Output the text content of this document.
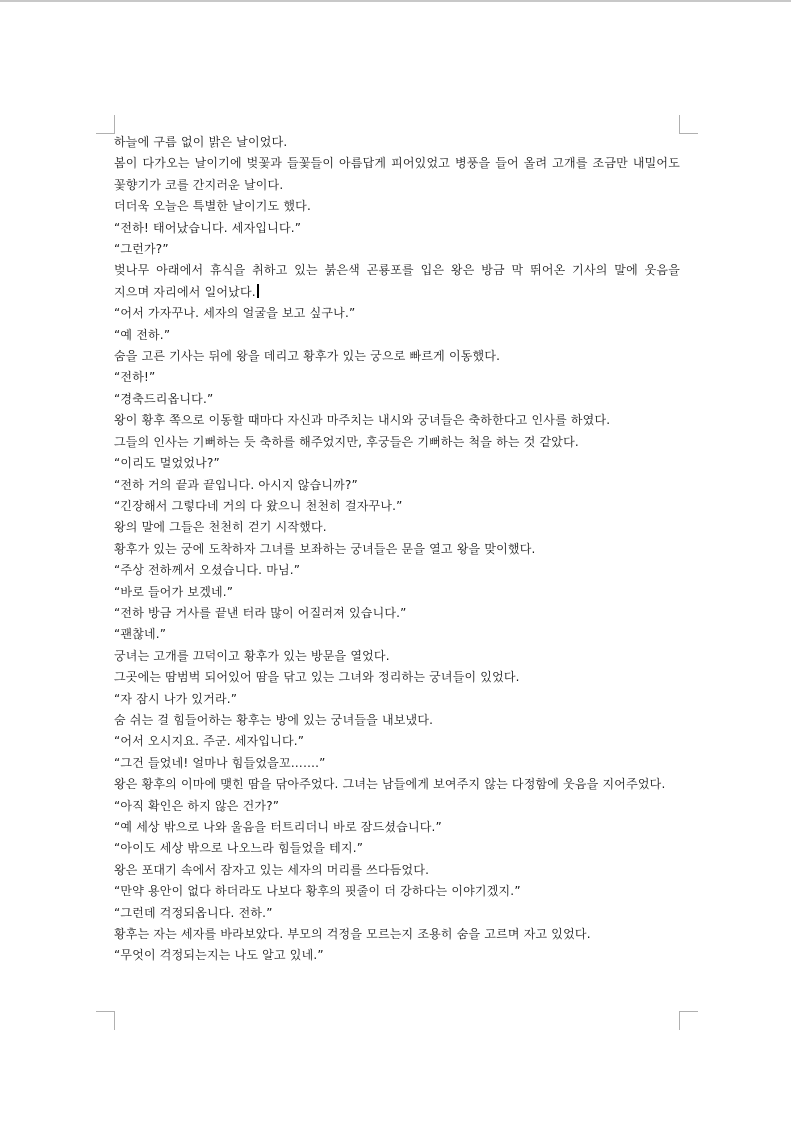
하늘에 구름 없이 밝은 날이었다.

봄이 다가오는 날이기에 벚꽃과 들꽃들이 아름답게 피어있었고 병풍을 들어 올려 고개를 조금만 내밀어도 꽃향기가 코를 간지러운 날이다.

더더욱 오늘은 특별한 날이기도 했다.

“전하! 태어났습니다. 세자입니다.”

“그런가?”

벚나무 아래에서 휴식을 취하고 있는 붉은색 곤룡포를 입은 왕은 방금 막 뛰어온 기사의 말에 웃음을 지으며 자리에서 일어났다.

“어서 가자꾸나. 세자의 얼굴을 보고 싶구나.”

“예 전하.”

숨을 고른 기사는 뒤에 왕을 데리고 황후가 있는 궁으로 빠르게 이동했다.

“전하!”

“경축드리옵니다.”

왕이 황후 쪽으로 이동할 때마다 자신과 마주치는 내시와 궁녀들은 축하한다고 인사를 하였다.

그들의 인사는 기뻐하는 듯 축하를 해주었지만, 후궁들은 기뻐하는 척을 하는 것 같았다.

“이리도 멀었었나?”

“전하 거의 끝과 끝입니다. 아시지 않습니까?”

“긴장해서 그렇다네 거의 다 왔으니 천천히 걸자꾸나.”

왕의 말에 그들은 천천히 걷기 시작했다.

황후가 있는 궁에 도착하자 그녀를 보좌하는 궁녀들은 문을 열고 왕을 맞이했다.

“주상 전하께서 오셨습니다. 마님.”

“바로 들어가 보겠네.”

“전하 방금 거사를 끝낸 터라 많이 어질러져 있습니다.”

“괜찮네.”

궁녀는 고개를 끄덕이고 황후가 있는 방문을 열었다.

그곳에는 땀범벅 되어있어 땀을 닦고 있는 그녀와 정리하는 궁녀들이 있었다.

“자 잠시 나가 있거라.”

숨 쉬는 걸 힘들어하는 황후는 방에 있는 궁녀들을 내보냈다.

“어서 오시지요. 주군. 세자입니다.”

“그건 들었네! 얼마나 힘들었을꼬…….”

왕은 황후의 이마에 맺힌 땀을 닦아주었다. 그녀는 남들에게 보여주지 않는 다정함에 웃음을 지어주었다.

“아직 확인은 하지 않은 건가?”

“예 세상 밖으로 나와 울음을 터트리더니 바로 잠드셨습니다.”

“아이도 세상 밖으로 나오느라 힘들었을 테지.”

왕은 포대기 속에서 잠자고 있는 세자의 머리를 쓰다듬었다.

“만약 용안이 없다 하더라도 나보다 황후의 핏줄이 더 강하다는 이야기겠지.”

“그런데 걱정되옵니다. 전하.”

황후는 자는 세자를 바라보았다. 부모의 걱정을 모르는지 조용히 숨을 고르며 자고 있었다.

“무엇이 걱정되는지는 나도 알고 있네.”
